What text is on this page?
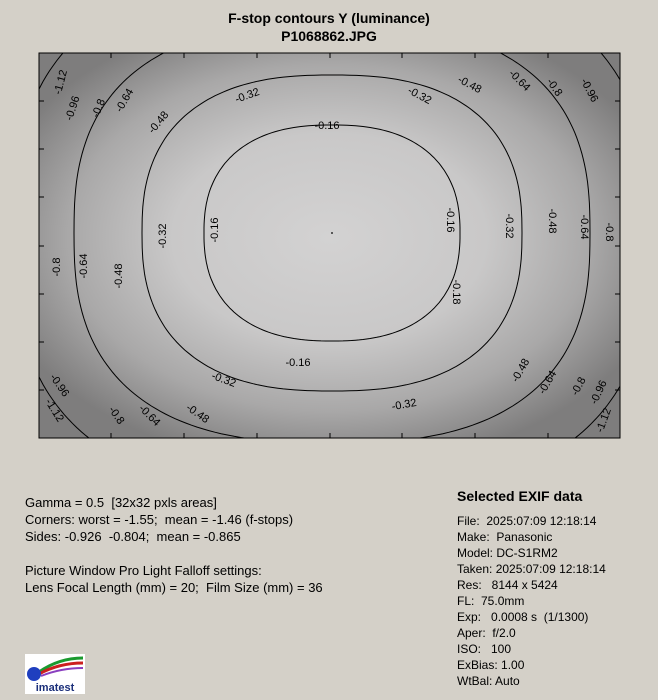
F-stop contours Y (luminance)
P1068862.JPG
-0.32	-0.32
-0.16
-0.48
-0.64
-0.8
-0.96
-1.12	-0.48 -0.64 -0.8 -0.96
-0.16
-0.32
-0.48
-0.64
-0.8
-0.16	-0.32	-0.48 -0.64 -0.8
-0.18
-0.16
-0.32
-0.32
-0.48
-0.64
-0.8
-0.96
-1.12
-0.48 -0.64 -0.8 -0.96
-1.12
Gamma = 0.5  [32x32 pxls areas]
Corners: worst = -1.55;  mean = -1.46 (f-stops)
Sides: -0.926  -0.804;  mean = -0.865
Picture Window Pro Light Falloff settings:
Lens Focal Length (mm) = 20;  Film Size (mm) = 36
Selected EXIF data
File:  2025:07:09 12:18:14
Make:  Panasonic
Model: DC-S1RM2
Taken: 2025:07:09 12:18:14
Res:   8144 x 5424
FL:  75.0mm
Exp:   0.0008 s  (1/1300)
Aper:  f/2.0
ISO:   100
ExBias: 1.00
WtBal: Auto
imatest
